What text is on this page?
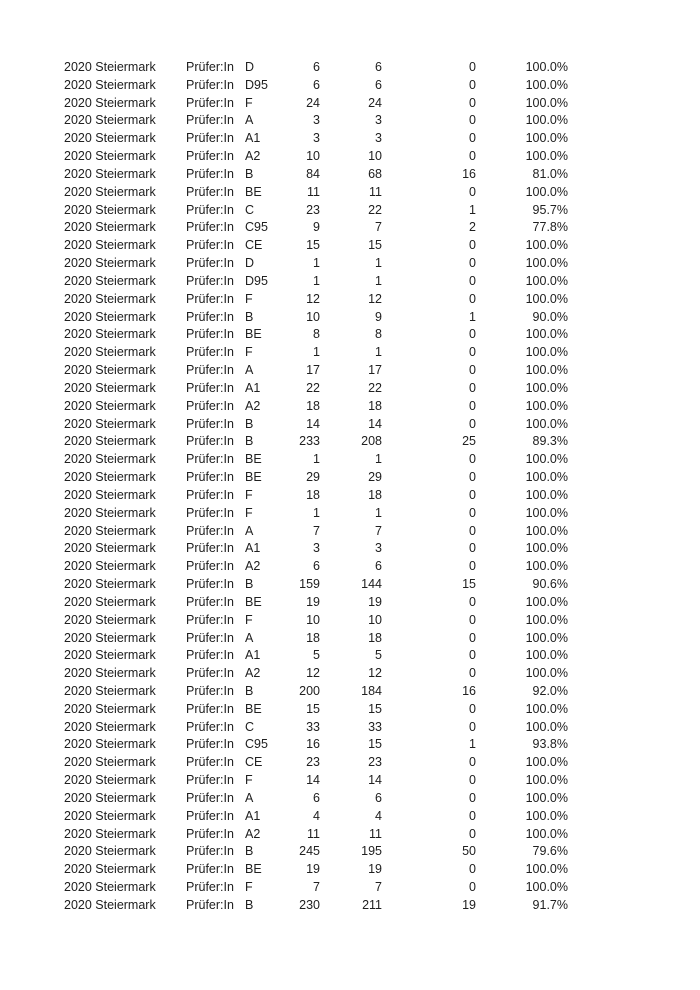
2020 Steiermark	Prüfer:In D	6	6	0	100.0%
2020 Steiermark	Prüfer:In D95	6	6	0	100.0%
2020 Steiermark	Prüfer:In F	24	24	0	100.0%
2020 Steiermark	Prüfer:In A	3	3	0	100.0%
2020 Steiermark	Prüfer:In A1	3	3	0	100.0%
2020 Steiermark	Prüfer:In A2	10	10	0	100.0%
2020 Steiermark	Prüfer:In B	84	68	16	81.0%
2020 Steiermark	Prüfer:In BE	11	11	0	100.0%
2020 Steiermark	Prüfer:In C	23	22	1	95.7%
2020 Steiermark	Prüfer:In C95	9	7	2	77.8%
2020 Steiermark	Prüfer:In CE	15	15	0	100.0%
2020 Steiermark	Prüfer:In D	1	1	0	100.0%
2020 Steiermark	Prüfer:In D95	1	1	0	100.0%
2020 Steiermark	Prüfer:In F	12	12	0	100.0%
2020 Steiermark	Prüfer:In B	10	9	1	90.0%
2020 Steiermark	Prüfer:In BE	8	8	0	100.0%
2020 Steiermark	Prüfer:In F	1	1	0	100.0%
2020 Steiermark	Prüfer:In A	17	17	0	100.0%
2020 Steiermark	Prüfer:In A1	22	22	0	100.0%
2020 Steiermark	Prüfer:In A2	18	18	0	100.0%
2020 Steiermark	Prüfer:In B	14	14	0	100.0%
2020 Steiermark	Prüfer:In B	233	208	25	89.3%
2020 Steiermark	Prüfer:In BE	1	1	0	100.0%
2020 Steiermark	Prüfer:In BE	29	29	0	100.0%
2020 Steiermark	Prüfer:In F	18	18	0	100.0%
2020 Steiermark	Prüfer:In F	1	1	0	100.0%
2020 Steiermark	Prüfer:In A	7	7	0	100.0%
2020 Steiermark	Prüfer:In A1	3	3	0	100.0%
2020 Steiermark	Prüfer:In A2	6	6	0	100.0%
2020 Steiermark	Prüfer:In B	159	144	15	90.6%
2020 Steiermark	Prüfer:In BE	19	19	0	100.0%
2020 Steiermark	Prüfer:In F	10	10	0	100.0%
2020 Steiermark	Prüfer:In A	18	18	0	100.0%
2020 Steiermark	Prüfer:In A1	5	5	0	100.0%
2020 Steiermark	Prüfer:In A2	12	12	0	100.0%
2020 Steiermark	Prüfer:In B	200	184	16	92.0%
2020 Steiermark	Prüfer:In BE	15	15	0	100.0%
2020 Steiermark	Prüfer:In C	33	33	0	100.0%
2020 Steiermark	Prüfer:In C95	16	15	1	93.8%
2020 Steiermark	Prüfer:In CE	23	23	0	100.0%
2020 Steiermark	Prüfer:In F	14	14	0	100.0%
2020 Steiermark	Prüfer:In A	6	6	0	100.0%
2020 Steiermark	Prüfer:In A1	4	4	0	100.0%
2020 Steiermark	Prüfer:In A2	11	11	0	100.0%
2020 Steiermark	Prüfer:In B	245	195	50	79.6%
2020 Steiermark	Prüfer:In BE	19	19	0	100.0%
2020 Steiermark	Prüfer:In F	7	7	0	100.0%
2020 Steiermark	Prüfer:In B	230	211	19	91.7%
